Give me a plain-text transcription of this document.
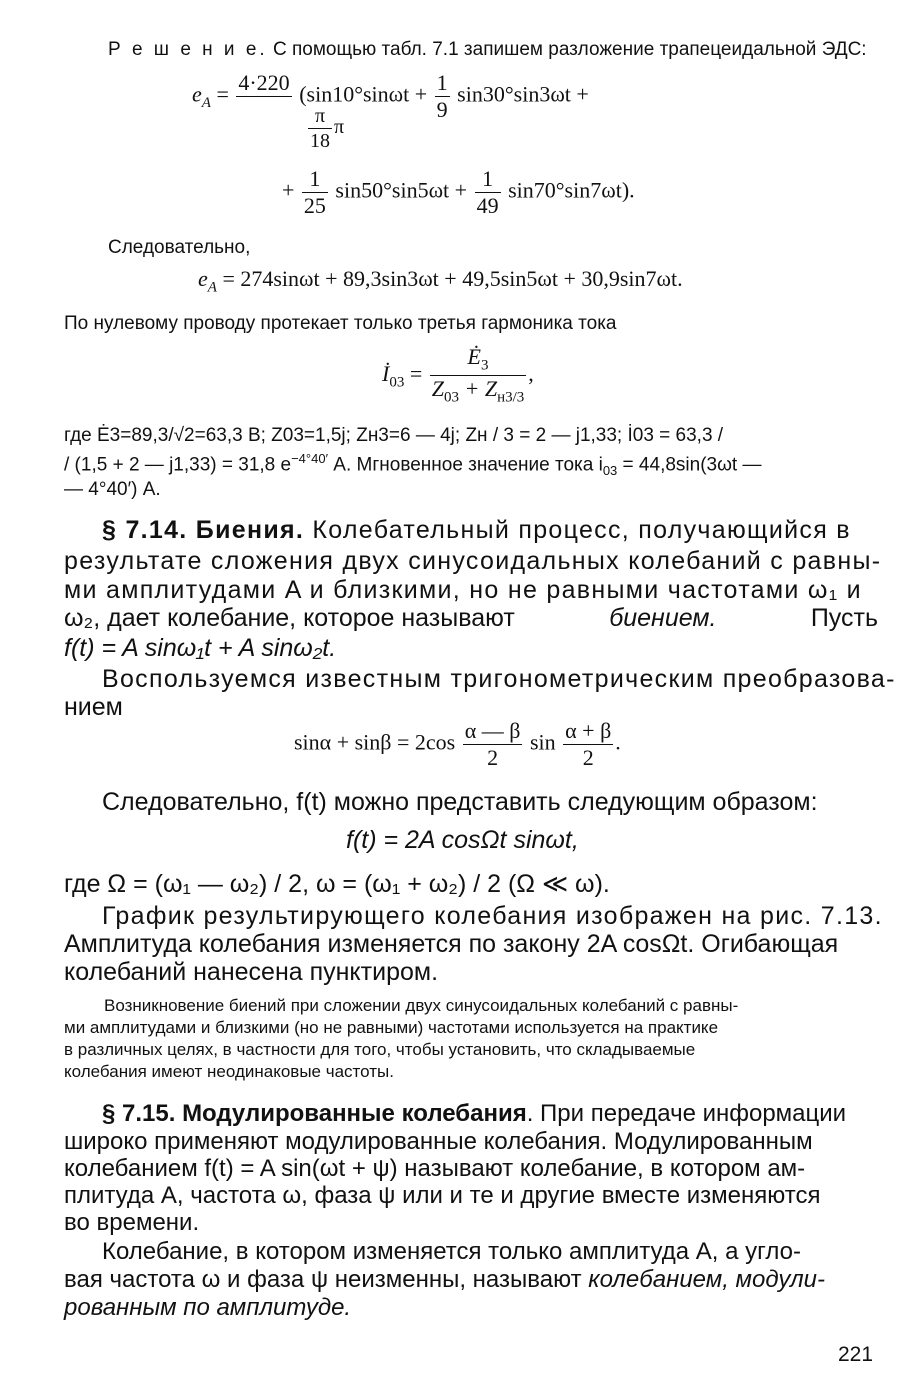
Р е ш е н и е. С помощью табл. 7.1 запишем разложение трапецеидальной ЭДС:
$e_A = 4\cdot 220$ ($\sin 10^\circ\sin\omega t + \frac{1}{9} \sin 30^\circ\sin 3\omega t$ +
$\frac{\pi}{18}$ π
+ $\frac{1}{25} \sin 50^\circ\sin 5\omega t + \frac{1}{49} \sin 70^\circ\sin 7\omega t$).
Следовательно,
$e_A = 274\sin\omega t + 89,3\sin 3\omega t + 49,5\sin 5\omega t + 30,9\sin 7\omega t$.
По нулевому проводу протекает только третья гармоника тока
$İ_{03} = \frac{Ė_3}{Z_{03} + Z_{н3/3}}$ ,
где Ė3=89,3/√2=63,3 В; Z03=1,5j; Zн3=6 — 4j; Zн / 3 = 2 — j1,33; İ03 = 63,3 /
/ (1,5 + 2 — j1,33) = 31,8 $e^{-4^\circ 40'}$ А. Мгновенное значение тока $i_{03} = 44,8\sin(3\omega t$ —
— 4°40′) А.
§ 7.14. Биения. Колебательный процесс, получающийся в
результате сложения двух синусоидальных колебаний с равны-
ми амплитудами A и близкими, но не равными частотами ω₁ и
ω₂, дает колебание, которое называют	биением.	Пусть
f(t) = A sinω₁t + A sinω₂t.
Воспользуемся известным тригонометрическим преобразова-
нием
$\sin\alpha + \sin\beta = 2\cos \frac{\alpha — \beta}{2}$ $\sin \frac{\alpha + \beta}{2}$ .
Следовательно, f(t) можно представить следующим образом:
f(t) = 2A cosΩt sinωt,
где Ω = (ω₁ — ω₂) / 2, ω = (ω₁ + ω₂) / 2 (Ω ≪ ω).
График результирующего колебания изображен на рис. 7.13.
Амплитуда колебания изменяется по закону 2A cosΩt. Огибающая
колебаний нанесена пунктиром.
Возникновение биений при сложении двух синусоидальных колебаний с равны-
ми амплитудами и близкими (но не равными) частотами используется на практике
в различных целях, в частности для того, чтобы установить, что складываемые
колебания имеют неодинаковые частоты.
§ 7.15. Модулированные колебания. При передаче информации
широко применяют модулированные колебания. Модулированным
колебанием f(t) = A sin(ωt + ψ) называют колебание, в котором ам-
плитуда A, частота ω, фаза ψ или и те и другие вместе изменяются
во времени.
Колебание, в котором изменяется только амплитуда A, а угло-
вая частота ω и фаза ψ неизменны, называют колебанием, модули-
рованным по амплитуде.
221
